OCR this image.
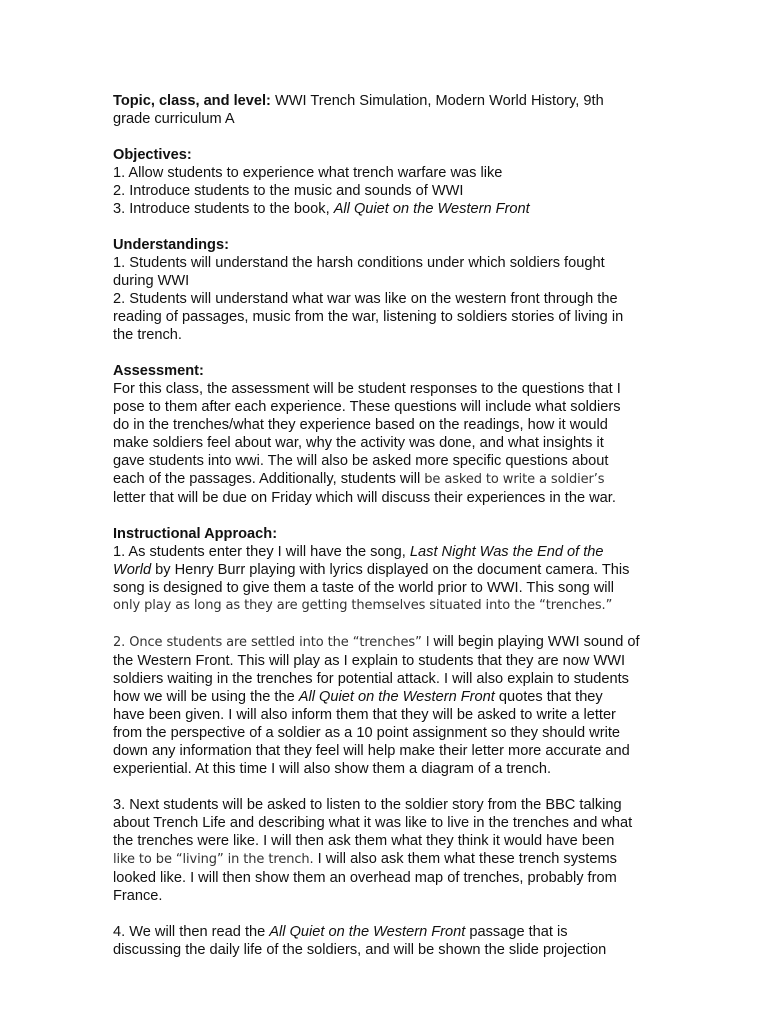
Topic, class, and level: WWI Trench Simulation, Modern World History, 9th
grade curriculum A
Objectives:
1. Allow students to experience what trench warfare was like
2. Introduce students to the music and sounds of WWI
3. Introduce students to the book, All Quiet on the Western Front
Understandings:
1. Students will understand the harsh conditions under which soldiers fought
during WWI
2. Students will understand what war was like on the western front through the
reading of passages, music from the war, listening to soldiers stories of living in
the trench.
Assessment:
For this class, the assessment will be student responses to the questions that I
pose to them after each experience. These questions will include what soldiers
do in the trenches/what they experience based on the readings, how it would
make soldiers feel about war, why the activity was done, and what insights it
gave students into wwi. The will also be asked more specific questions about
each of the passages. Additionally, students will be asked to write a soldier’s
letter that will be due on Friday which will discuss their experiences in the war.
Instructional Approach:
1. As students enter they I will have the song, Last Night Was the End of the
World by Henry Burr playing with lyrics displayed on the document camera. This
song is designed to give them a taste of the world prior to WWI. This song will
only play as long as they are getting themselves situated into the “trenches.”
2. Once students are settled into the “trenches” I will begin playing WWI sound of
the Western Front. This will play as I explain to students that they are now WWI
soldiers waiting in the trenches for potential attack. I will also explain to students
how we will be using the the All Quiet on the Western Front quotes that they
have been given. I will also inform them that they will be asked to write a letter
from the perspective of a soldier as a 10 point assignment so they should write
down any information that they feel will help make their letter more accurate and
experiential. At this time I will also show them a diagram of a trench.
3. Next students will be asked to listen to the soldier story from the BBC talking
about Trench Life and describing what it was like to live in the trenches and what
the trenches were like. I will then ask them what they think it would have been
like to be “living” in the trench. I will also ask them what these trench systems
looked like. I will then show them an overhead map of trenches, probably from
France.
4. We will then read the All Quiet on the Western Front passage that is
discussing the daily life of the soldiers, and will be shown the slide projection
